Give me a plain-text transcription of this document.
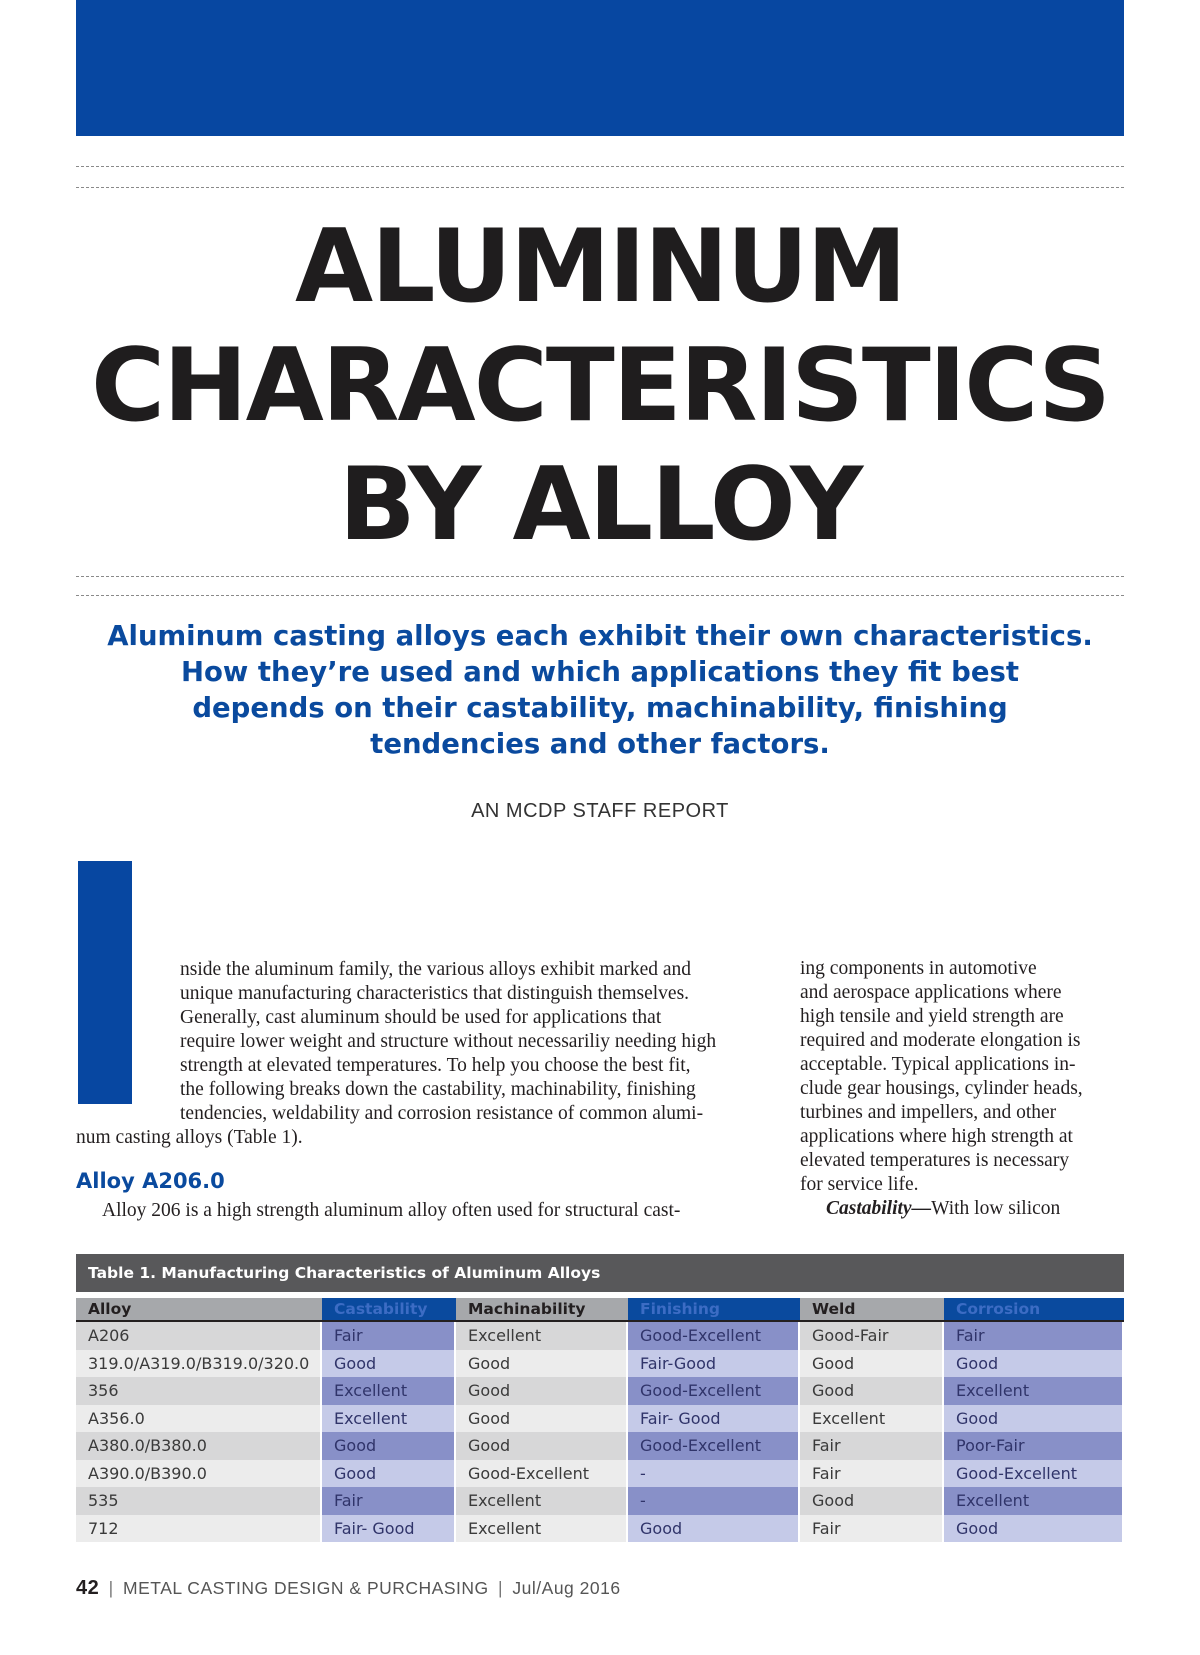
ALUMINUM
CHARACTERISTICS
BY ALLOY

Aluminum casting alloys each exhibit their own characteristics.
How they’re used and which applications they fit best
depends on their castability, machinability, finishing
tendencies and other factors.

AN MCDP STAFF REPORT
nside the aluminum family, the various alloys exhibit marked and
unique manufacturing characteristics that distinguish themselves.
Generally, cast aluminum should be used for applications that
require lower weight and structure without necessariliy needing high
strength at elevated temperatures. To help you choose the best fit,
the following breaks down the castability, machinability, finishing
tendencies, weldability and corrosion resistance of common alumi-
num casting alloys (Table 1).
Alloy A206.0
Alloy 206 is a high strength aluminum alloy often used for structural cast-
ing components in automotive
and aerospace applications where
high tensile and yield strength are
required and moderate elongation is
acceptable. Typical applications in-
clude gear housings, cylinder heads,
turbines and impellers, and other
applications where high strength at
elevated temperatures is necessary
for service life.
Castability—With low silicon
Table 1. Manufacturing Characteristics of Aluminum Alloys
Alloy	Castability	Machinability	Finishing	Weld	Corrosion
A206	Fair	Excellent	Good-Excellent	Good-Fair	Fair
319.0/A319.0/B319.0/320.0	Good	Good	Fair-Good	Good	Good
356	Excellent	Good	Good-Excellent	Good	Excellent
A356.0	Excellent	Good	Fair- Good	Excellent	Good
A380.0/B380.0	Good	Good	Good-Excellent	Fair	Poor-Fair
A390.0/B390.0	Good	Good-Excellent	-	Fair	Good-Excellent
535	Fair	Excellent	-	Good	Excellent
712	Fair- Good	Excellent	Good	Fair	Good
42 | METAL CASTING DESIGN & PURCHASING | Jul/Aug 2016
